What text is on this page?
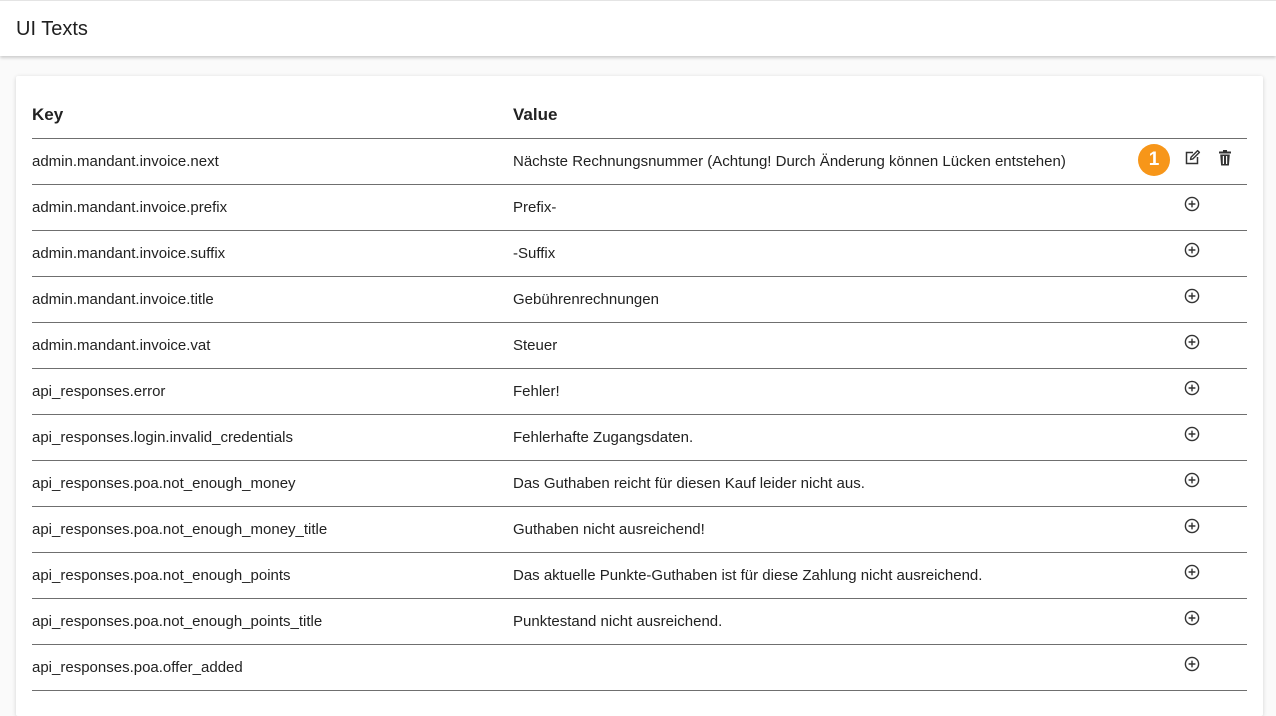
UI Texts
Key	Value
admin.mandant.invoice.next	Nächste Rechnungsnummer (Achtung! Durch Änderung können Lücken entstehen)	1
admin.mandant.invoice.prefix	Prefix-
admin.mandant.invoice.suffix	-Suffix
admin.mandant.invoice.title	Gebührenrechnungen
admin.mandant.invoice.vat	Steuer
api_responses.error	Fehler!
api_responses.login.invalid_credentials	Fehlerhafte Zugangsdaten.
api_responses.poa.not_enough_money	Das Guthaben reicht für diesen Kauf leider nicht aus.
api_responses.poa.not_enough_money_title	Guthaben nicht ausreichend!
api_responses.poa.not_enough_points	Das aktuelle Punkte-Guthaben ist für diese Zahlung nicht ausreichend.
api_responses.poa.not_enough_points_title	Punktestand nicht ausreichend.
api_responses.poa.offer_added
